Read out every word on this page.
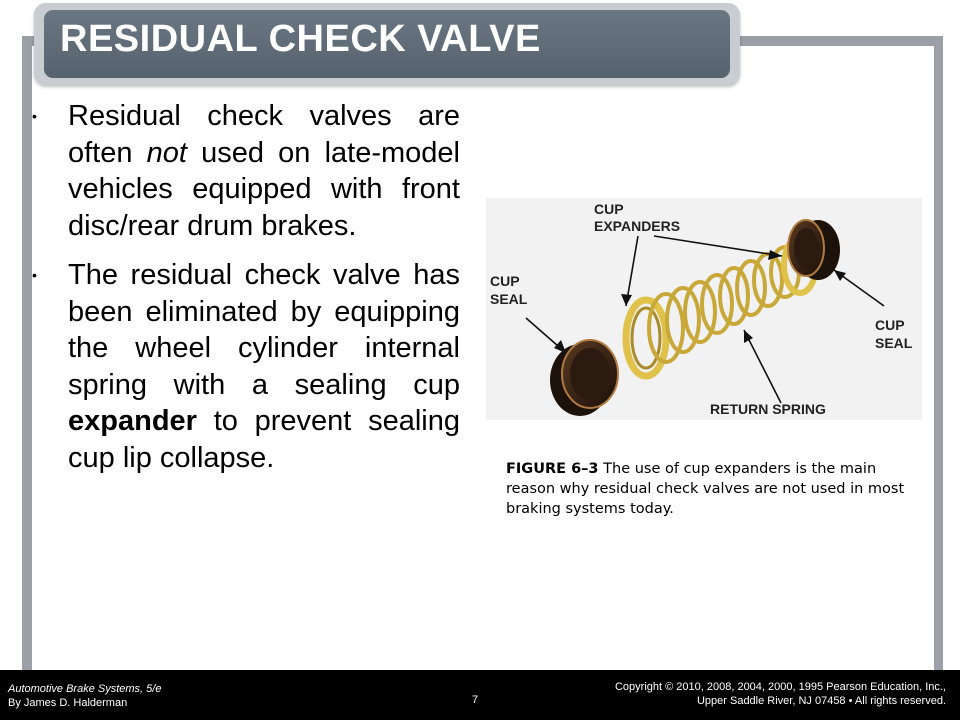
RESIDUAL CHECK VALVE
•	Residual check valves are often not used on late-model vehicles equipped with front disc/rear drum brakes.
•	The residual check valve has been eliminated by equipping the wheel cylinder internal spring with a sealing cup expander to prevent sealing cup lip collapse.
CUP
EXPANDERS
CUP
SEAL
CUP
SEAL
RETURN SPRING
FIGURE 6–3 The use of cup expanders is the main reason why residual check valves are not used in most braking systems today.
Automotive Brake Systems, 5/e
By James D. Halderman	7
Copyright © 2010, 2008, 2004, 2000, 1995 Pearson Education, Inc.,
Upper Saddle River, NJ 07458 • All rights reserved.
